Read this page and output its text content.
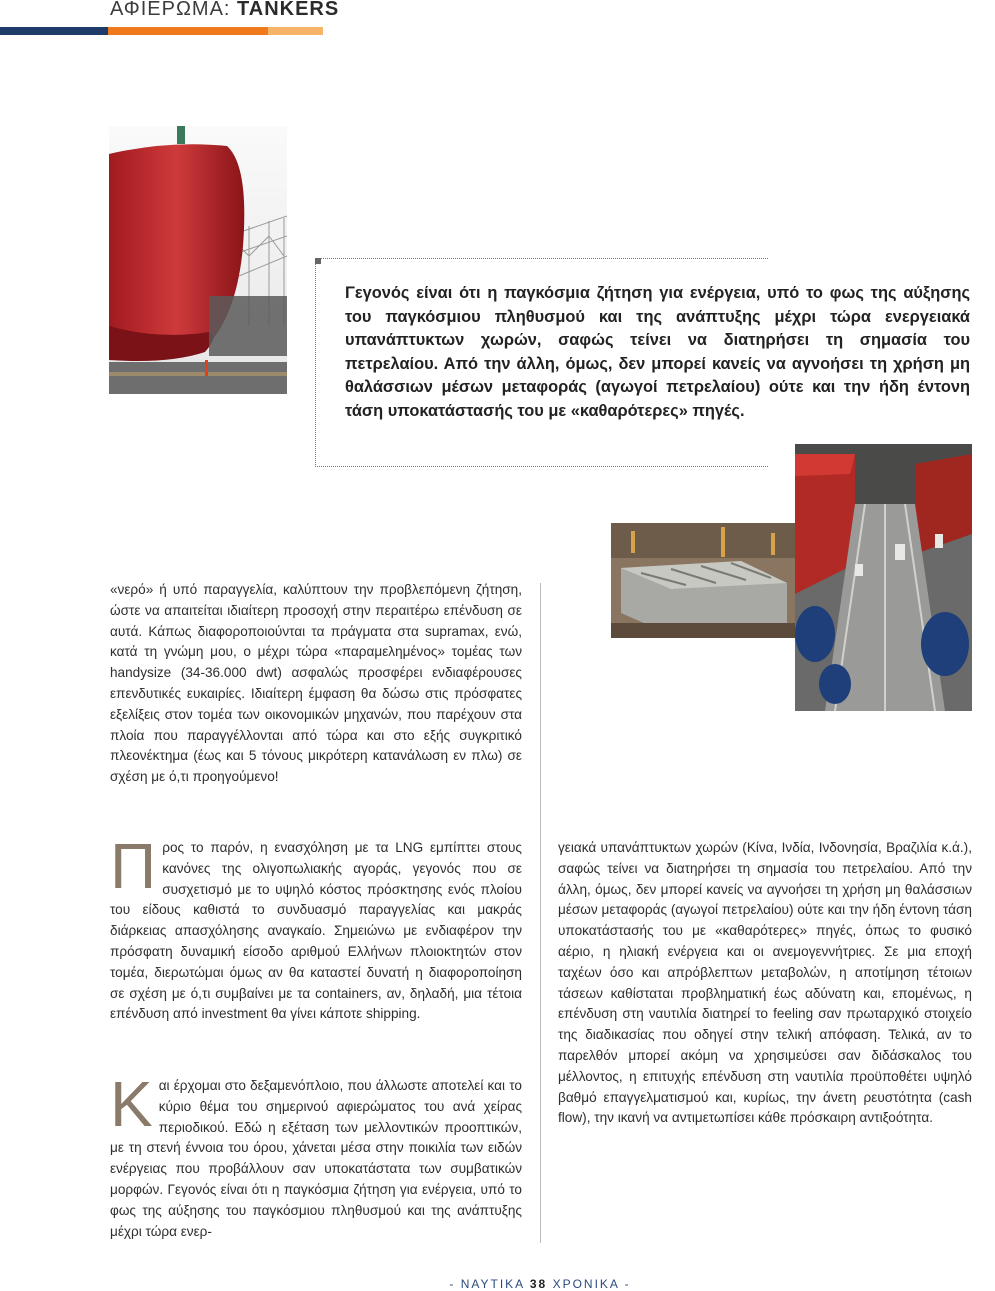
ΑΦΙΕΡΩΜΑ: TANKERS

Γεγονός είναι ότι η παγκόσμια ζήτηση για ενέργεια, υπό το φως της αύξησης του παγκόσμιου πληθυσμού και της ανάπτυξης μέχρι τώρα ενεργειακά υπανάπτυκτων χωρών, σαφώς τείνει να διατηρήσει τη σημασία του πετρελαίου. Από την άλλη, όμως, δεν μπορεί κανείς να αγνοήσει τη χρήση μη θαλάσσιων μέσων μεταφοράς (αγωγοί πετρελαίου) ούτε και την ήδη έντονη τάση υποκατάστασής του με «καθαρότερες» πηγές.

«νερό» ή υπό παραγγελία, καλύπτουν την προβλεπόμενη ζήτηση, ώστε να απαιτείται ιδιαίτερη προσοχή στην περαιτέρω επένδυση σε αυτά. Κάπως διαφοροποιούνται τα πράγματα στα supramax, ενώ, κατά τη γνώμη μου, ο μέχρι τώρα «παραμελημένος» τομέας των handysize (34-36.000 dwt) ασφαλώς προσφέρει ενδιαφέρουσες επενδυτικές ευκαιρίες. Ιδιαίτερη έμφαση θα δώσω στις πρόσφατες εξελίξεις στον τομέα των οικονομικών μηχανών, που παρέχουν στα πλοία που παραγγέλλονται από τώρα και στο εξής συγκριτικό πλεονέκτημα (έως και 5 τόνους μικρότερη κατανάλωση εν πλω) σε σχέση με ό,τι προηγούμενο!

Προς το παρόν, η ενασχόληση με τα LNG εμπίπτει στους κανόνες της ολιγοπωλιακής αγοράς, γεγονός που σε συσχετισμό με το υψηλό κόστος πρόσκτησης ενός πλοίου του είδους καθιστά το συνδυασμό παραγγελίας και μακράς διάρκειας απασχόλησης αναγκαίο. Σημειώνω με ενδιαφέρον την πρόσφατη δυναμική είσοδο αριθμού Ελλήνων πλοιοκτητών στον τομέα, διερωτώμαι όμως αν θα καταστεί δυνατή η διαφοροποίηση σε σχέση με ό,τι συμβαίνει με τα containers, αν, δηλαδή, μια τέτοια επένδυση από investment θα γίνει κάποτε shipping.
Και έρχομαι στο δεξαμενόπλοιο, που άλλωστε αποτελεί και το κύριο θέμα του σημερινού αφιερώματος του ανά χείρας περιοδικού. Εδώ η εξέταση των μελλοντικών προοπτικών, με τη στενή έννοια του όρου, χάνεται μέσα στην ποικιλία των ειδών ενέργειας που προβάλλουν σαν υποκατάστατα των συμβατικών μορφών. Γεγονός είναι ότι η παγκόσμια ζήτηση για ενέργεια, υπό το φως της αύξησης του παγκόσμιου πληθυσμού και της ανάπτυξης μέχρι τώρα ενερ-

γειακά υπανάπτυκτων χωρών (Κίνα, Ινδία, Ινδονησία, Βραζιλία κ.ά.), σαφώς τείνει να διατηρήσει τη σημασία του πετρελαίου. Από την άλλη, όμως, δεν μπορεί κανείς να αγνοήσει τη χρήση μη θαλάσσιων μέσων μεταφοράς (αγωγοί πετρελαίου) ούτε και την ήδη έντονη τάση υποκατάστασής του με «καθαρότερες» πηγές, όπως το φυσικό αέριο, η ηλιακή ενέργεια και οι ανεμογεννήτριες. Σε μια εποχή ταχέων όσο και απρόβλεπτων μεταβολών, η αποτίμηση τέτοιων τάσεων καθίσταται προβληματική έως αδύνατη και, επομένως, η επένδυση στη ναυτιλία διατηρεί το feeling σαν πρωταρχικό στοιχείο της διαδικασίας που οδηγεί στην τελική απόφαση. Τελικά, αν το παρελθόν μπορεί ακόμη να χρησιμεύσει σαν διδάσκαλος του μέλλοντος, η επιτυχής επένδυση στη ναυτιλία προϋποθέτει υψηλό βαθμό επαγγελματισμού και, κυρίως, την άνετη ρευστότητα (cash flow), την ικανή να αντιμετωπίσει κάθε πρόσκαιρη αντιξοότητα.

- ΝΑΥΤΙΚΑ 38 ΧΡΟΝΙΚΑ -
